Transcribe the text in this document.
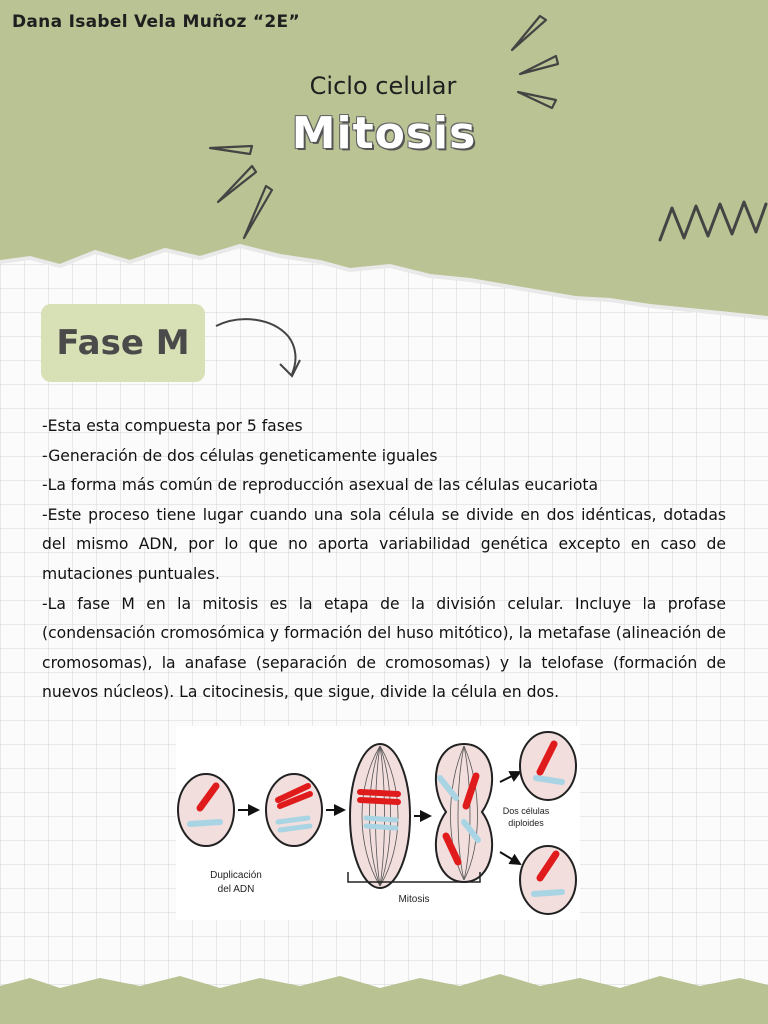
Dana Isabel Vela Muñoz “2E”
Ciclo celular
Mitosis
Fase M

-Esta esta compuesta por 5 fases

-Generación de dos células geneticamente iguales

-La forma más común de reproducción asexual de las células eucariota

-Este proceso tiene lugar cuando una sola célula se divide en dos idénticas, dotadas del mismo ADN, por lo que no aporta variabilidad genética excepto en caso de mutaciones puntuales.

-La fase M en la mitosis es la etapa de la división celular. Incluye la profase (condensación cromosómica y formación del huso mitótico), la metafase (alineación de cromosomas), la anafase (separación de cromosomas) y la telofase (formación de nuevos núcleos). La citocinesis, que sigue, divide la célula en dos.

Duplicación
del ADN
Mitosis
Dos células
diploides
